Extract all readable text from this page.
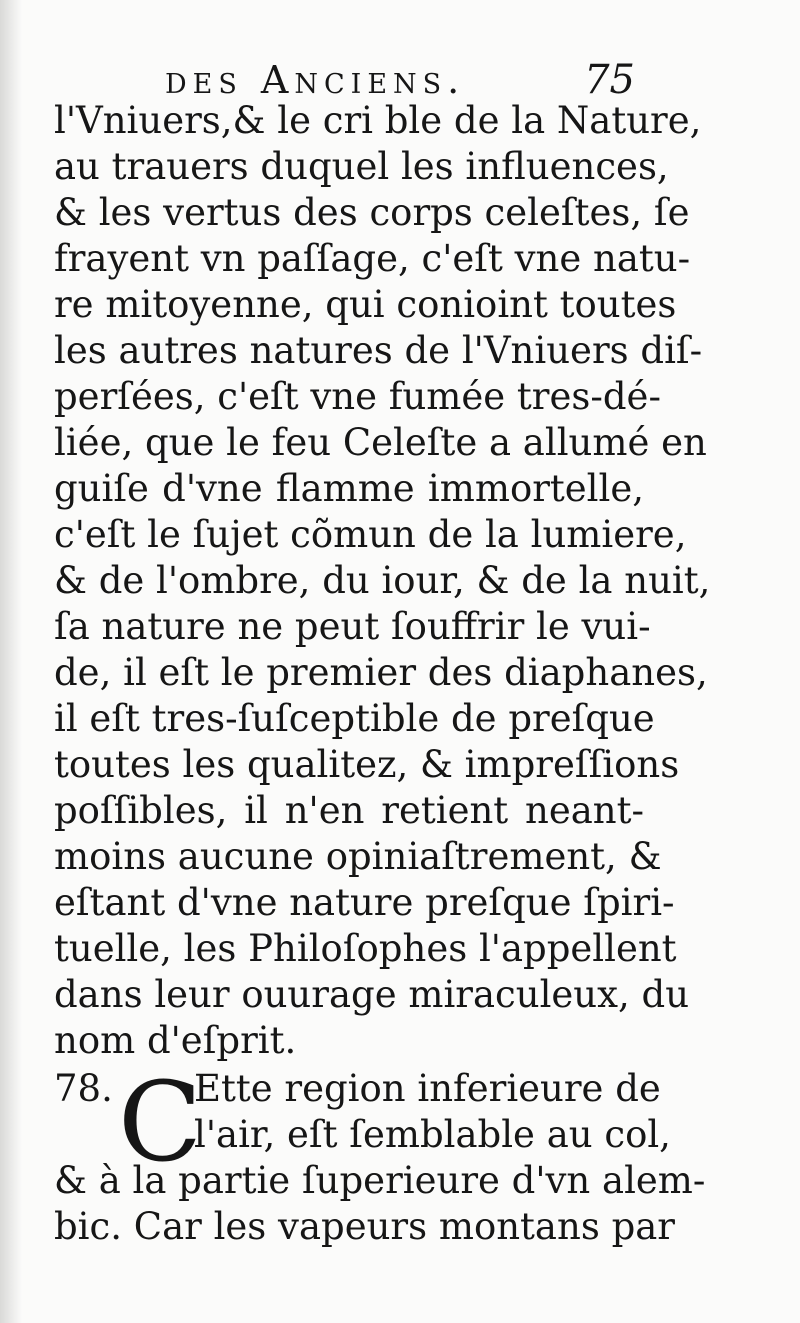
des Anciens.	75
l'Vniuers,& le cri ble de la Nature,
au trauers duquel les influences,
& les vertus des corps celeſtes, ſe
frayent vn paſſage, c'eſt vne natu-
re mitoyenne, qui conioint toutes
les autres natures de l'Vniuers diſ-
perſées, c'eſt vne fumée tres-dé-
liée, que le feu Celeſte a allumé en
guiſe d'vne flamme immortelle,
c'eſt le ſujet cõmun de la lumiere,
& de l'ombre, du iour, & de la nuit,
ſa nature ne peut ſouffrir le vui-
de, il eſt le premier des diaphanes,
il eſt tres-ſuſceptible de preſque
toutes les qualitez, & impreſſions
poſſibles, il n'en retient neant-
moins aucune opiniaſtrement, &
eſtant d'vne nature preſque ſpiri-
tuelle, les Philoſophes l'appellent
dans leur ouurage miraculeux, du
nom d'eſprit.
78. C
Ette region inferieure de
l'air, eſt ſemblable au col,
& à la partie ſuperieure d'vn alem-
bic. Car les vapeurs montans par
